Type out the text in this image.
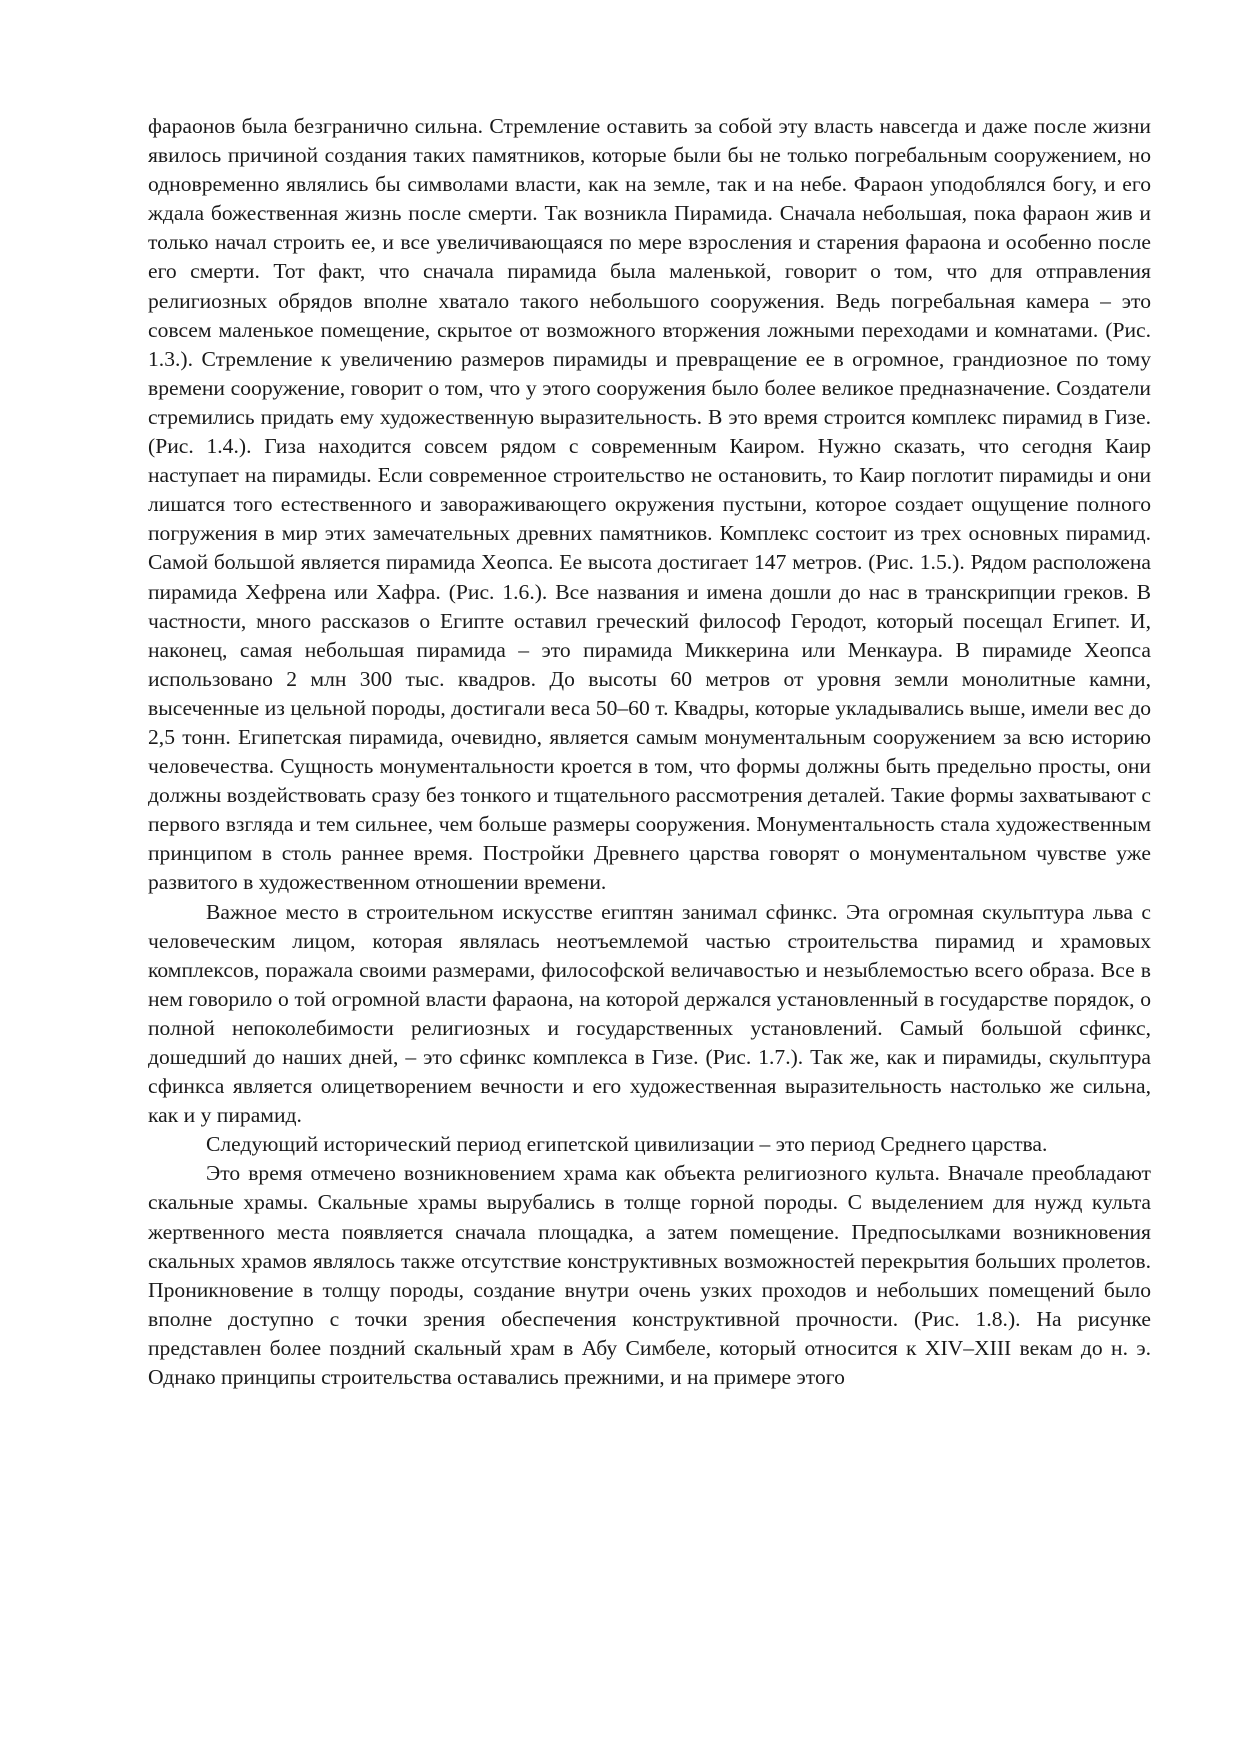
фараонов была безгранично сильна. Стремление оставить за собой эту власть навсегда и даже после жизни явилось причиной создания таких памятников, которые были бы не только погребальным сооружением, но одновременно являлись бы символами власти, как на земле, так и на небе. Фараон уподоблялся богу, и его ждала божественная жизнь после смерти. Так возникла Пирамида. Сначала небольшая, пока фараон жив и только начал строить ее, и все увеличивающаяся по мере взросления и старения фараона и особенно после его смерти. Тот факт, что сначала пирамида была маленькой, говорит о том, что для отправления религиозных обрядов вполне хватало такого небольшого сооружения. Ведь погребальная камера – это совсем маленькое помещение, скрытое от возможного вторжения ложными переходами и комнатами. (Рис. 1.3.). Стремление к увеличению размеров пирамиды и превращение ее в огромное, грандиозное по тому времени сооружение, говорит о том, что у этого сооружения было более великое предназначение. Создатели стремились придать ему художественную выразительность. В это время строится комплекс пирамид в Гизе. (Рис. 1.4.). Гиза находится совсем рядом с современным Каиром. Нужно сказать, что сегодня Каир наступает на пирамиды. Если современное строительство не остановить, то Каир поглотит пирамиды и они лишатся того естественного и завораживающего окружения пустыни, которое создает ощущение полного погружения в мир этих замечательных древних памятников. Комплекс состоит из трех основных пирамид. Самой большой является пирамида Хеопса. Ее высота достигает 147 метров. (Рис. 1.5.). Рядом расположена пирамида Хефрена или Хафра. (Рис. 1.6.). Все названия и имена дошли до нас в транскрипции греков. В частности, много рассказов о Египте оставил греческий философ Геродот, который посещал Египет. И, наконец, самая небольшая пирамида – это пирамида Миккерина или Менкаура. В пирамиде Хеопса использовано 2 млн 300 тыс. квадров. До высоты 60 метров от уровня земли монолитные камни, высеченные из цельной породы, достигали веса 50–60 т. Квадры, которые укладывались выше, имели вес до 2,5 тонн. Египетская пирамида, очевидно, является самым монументальным сооружением за всю историю человечества. Сущность монументальности кроется в том, что формы должны быть предельно просты, они должны воздействовать сразу без тонкого и тщательного рассмотрения деталей. Такие формы захватывают с первого взгляда и тем сильнее, чем больше размеры сооружения. Монументальность стала художественным принципом в столь раннее время. Постройки Древнего царства говорят о монументальном чувстве уже развитого в художественном отношении времени.

Важное место в строительном искусстве египтян занимал сфинкс. Эта огромная скульптура льва с человеческим лицом, которая являлась неотъемлемой частью строительства пирамид и храмовых комплексов, поражала своими размерами, философской величавостью и незыблемостью всего образа. Все в нем говорило о той огромной власти фараона, на которой держался установленный в государстве порядок, о полной непоколебимости религиозных и государственных установлений. Самый большой сфинкс, дошедший до наших дней, – это сфинкс комплекса в Гизе. (Рис. 1.7.). Так же, как и пирамиды, скульптура сфинкса является олицетворением вечности и его художественная выразительность настолько же сильна, как и у пирамид.

Следующий исторический период египетской цивилизации – это период Среднего царства.

Это время отмечено возникновением храма как объекта религиозного культа. Вначале преобладают скальные храмы. Скальные храмы вырубались в толще горной породы. С выделением для нужд культа жертвенного места появляется сначала площадка, а затем помещение. Предпосылками возникновения скальных храмов являлось также отсутствие конструктивных возможностей перекрытия больших пролетов. Проникновение в толщу породы, создание внутри очень узких проходов и небольших помещений было вполне доступно с точки зрения обеспечения конструктивной прочности. (Рис. 1.8.). На рисунке представлен более поздний скальный храм в Абу Симбеле, который относится к XIV–XIII векам до н. э. Однако принципы строительства оставались прежними, и на примере этого
